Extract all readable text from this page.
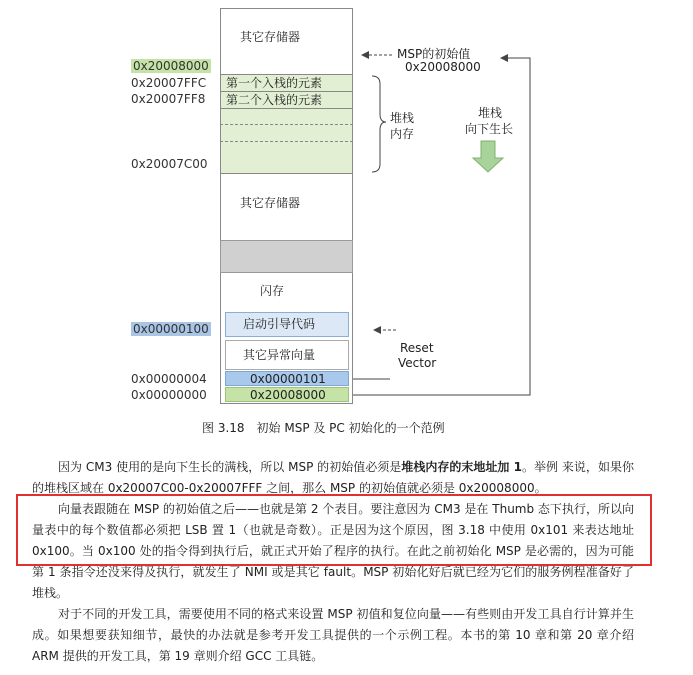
其它存储器
第一个入栈的元素
第二个入栈的元素
其它存储器
闪存
启动引导代码
其它异常向量
0x00000101
0x20008000
0x20008000
0x20007FFC
0x20007FF8
0x20007C00
0x00000100
0x00000004
0x00000000
MSP的初始值
0x20008000
堆栈
内存
堆栈
向下生长
Reset
Vector
图 3.18　初始 MSP 及 PC 初始化的一个范例

因为 CM3 使用的是向下生长的满栈，所以 MSP 的初始值必须是堆栈内存的末地址加 1。举例 来说，如果你的堆栈区域在 0x20007C00-0x20007FFF 之间，那么 MSP 的初始值就必须是 0x20008000。

向量表跟随在 MSP 的初始值之后——也就是第 2 个表目。要注意因为 CM3 是在 Thumb 态下执行，所以向量表中的每个数值都必须把 LSB 置 1（也就是奇数）。正是因为这个原因，图 3.18 中使用 0x101 来表达地址 0x100。当 0x100 处的指令得到执行后，就正式开始了程序的执行。在此之前初始化 MSP 是必需的，因为可能第 1 条指令还没来得及执行，就发生了 NMI 或是其它 fault。MSP 初始化好后就已经为它们的服务例程准备好了堆栈。

对于不同的开发工具，需要使用不同的格式来设置 MSP 初值和复位向量——有些则由开发工具自行计算并生成。如果想要获知细节，最快的办法就是参考开发工具提供的一个示例工程。本书的第 10 章和第 20 章介绍 ARM 提供的开发工具，第 19 章则介绍 GCC 工具链。
